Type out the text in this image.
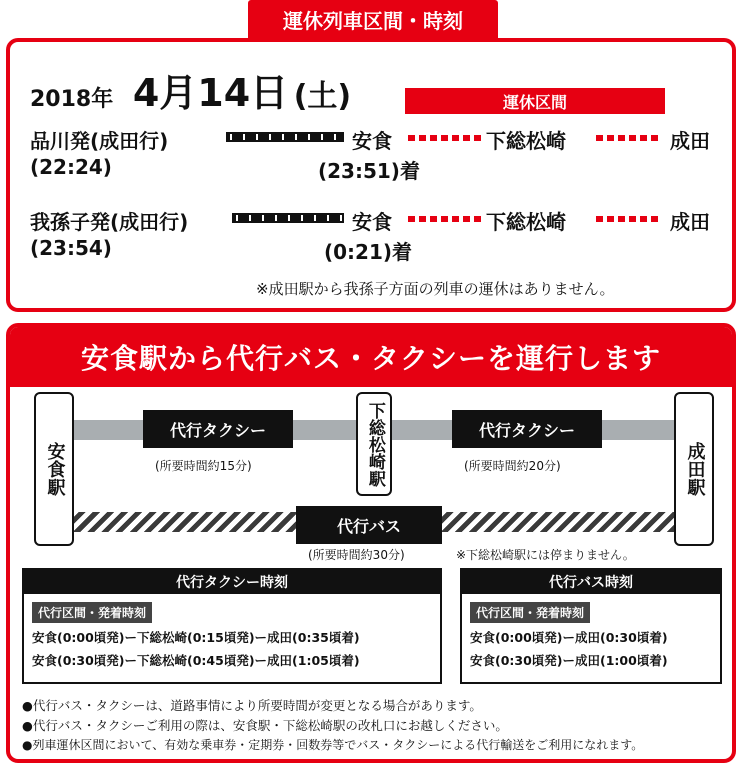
運休列車区間・時刻
2018年 4月14日 (土)	運休区間
品川発(成田行)
(22:24)
安食
(23:51)着
下総松崎	成田
我孫子発(成田行)
(23:54)
安食
(0:21)着
下総松崎	成田
※成田駅から我孫子方面の列車の運休はありません。
安食駅から代行バス・タクシーを運行します
安食駅	下総松崎駅	成田駅
代行タクシー
(所要時間約15分)
代行タクシー
(所要時間約20分)
代行バス
(所要時間約30分)	※下総松崎駅には停まりません。
代行タクシー時刻
代行区間・発着時刻
安食(0:00頃発)ー下総松崎(0:15頃発)ー成田(0:35頃着)
安食(0:30頃発)ー下総松崎(0:45頃発)ー成田(1:05頃着)
代行バス時刻
代行区間・発着時刻
安食(0:00頃発)ー成田(0:30頃着)
安食(0:30頃発)ー成田(1:00頃着)
●代行バス・タクシーは、道路事情により所要時間が変更となる場合があります。
●代行バス・タクシーご利用の際は、安食駅・下総松崎駅の改札口にお越しください。
●列車運休区間において、有効な乗車券・定期券・回数券等でバス・タクシーによる代行輸送をご利用になれます。
